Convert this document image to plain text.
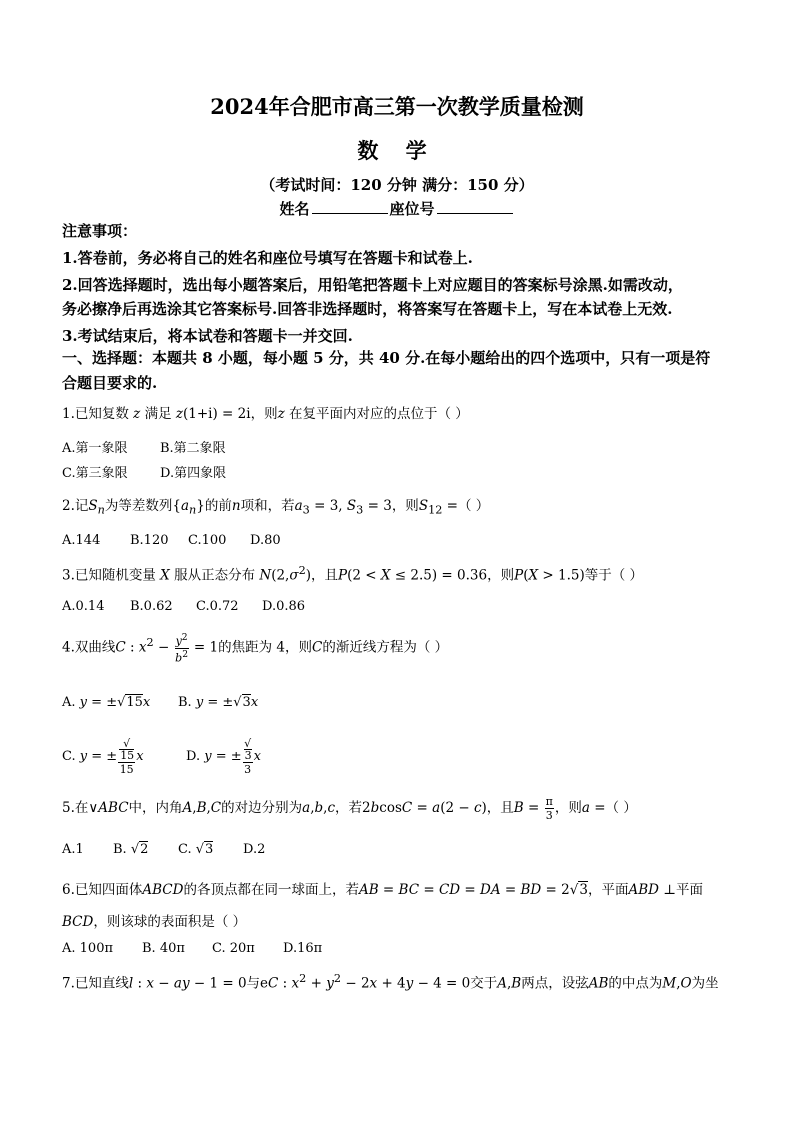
2024年合肥市高三第一次教学质量检测
数 学
（考试时间：120 分钟 满分：150 分）
姓名	座位号
注意事项：
1.答卷前，务必将自己的姓名和座位号填写在答题卡和试卷上.
2.回答选择题时，选出每小题答案后，用铅笔把答题卡上对应题目的答案标号涂黑.如需改动，
务必擦净后再选涂其它答案标号.回答非选择题时，将答案写在答题卡上，写在本试卷上无效.
3.考试结束后，将本试卷和答题卡一并交回.
一、选择题：本题共 8 小题，每小题 5 分，共 40 分.在每小题给出的四个选项中，只有一项是符
合题目要求的.
1.已知复数 z 满足 z(1+i) = 2i，则z 在复平面内对应的点位于（ ）
A.第一象限 B.第二象限
C.第三象限 D.第四象限
2.记$S_n$为等差数列$\{a_n\}$的前n项和，若$a_3 = 3$, $S_3 = 3$，则$S_{12}$ =（ ）
A.144 B.120 C.100 D.80
3.已知随机变量 X 服从正态分布 $N(2,\sigma^2)$，且P(2 < X ≤ 2.5) = 0.36，则P(X > 1.5)等于（ ）
A.0.14 B.0.62 C.0.72 D.0.86
4.双曲线C : $x^2 - \frac{y^2}{b^2} = 1$的焦距为 4，则C的渐近线方程为（ ）
A. y = ±√15x B. y = ±√3x
C. y = ± √
15
15 x	D. y = ± √
3
3 x
5.在∨ABC中，内角A,B,C的对边分别为a,b,c，若2bcosC = a(2 − c)，且$B = \frac{\pi}{3}$ ，则a =（ ）
A.1 B. √2 C. √3 D.2
6.已知四面体ABCD的各顶点都在同一球面上，若AB = BC = CD = DA = BD = 2√3，平面ABD ⊥平面
BCD，则该球的表面积是（ ）
A. 100π B. 40π C. 20π D.16π
7.已知直线l : x − ay − 1 = 0与eC : $x^2 + y^2 - 2x + 4y - 4 = 0$交于A,B两点，设弦AB的中点为M,O为坐
